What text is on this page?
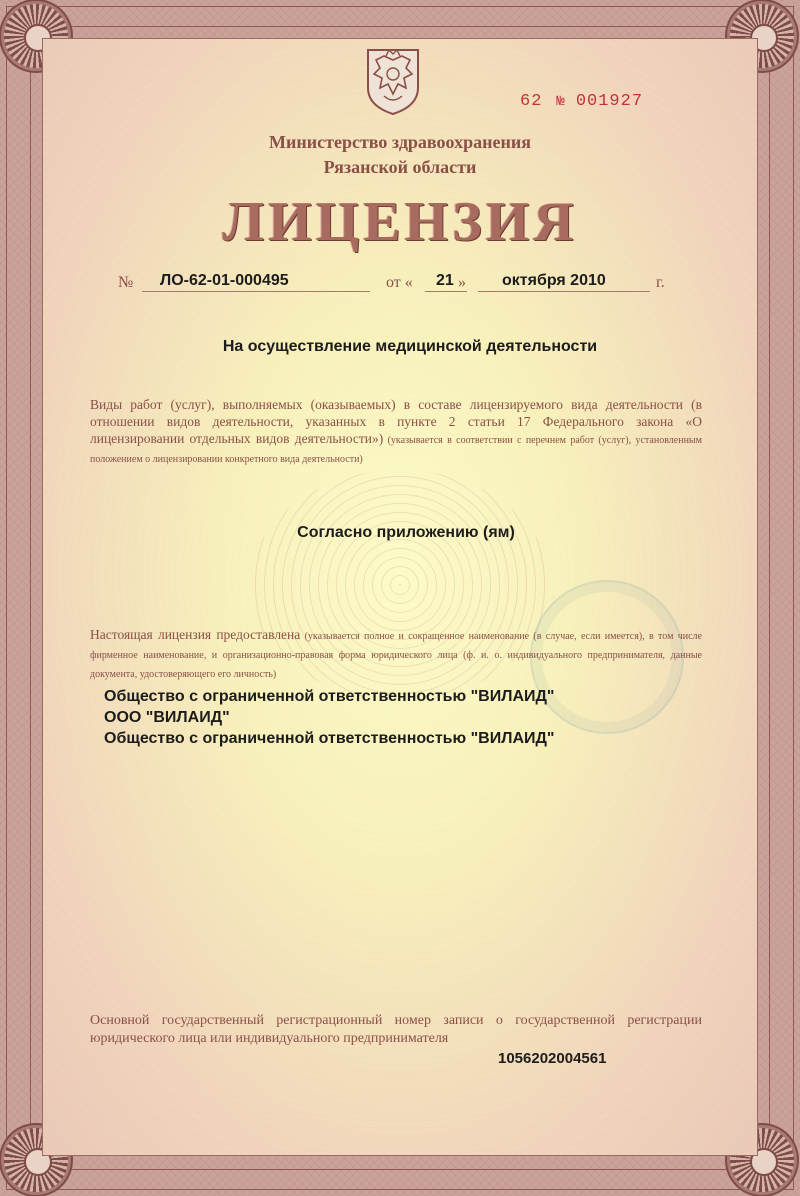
62 № 001927
Министерство здравоохранения
Рязанской области
ЛИЦЕНЗИЯ
№ ЛО-62-01-000495	от « 21 » октября 2010	г.
На осуществление медицинской деятельности
Виды работ (услуг), выполняемых (оказываемых) в составе лицензируемого вида деятельности (в отношении видов деятельности, указанных в пункте 2 статьи 17 Федерального закона «О лицензировании отдельных видов деятельности») (указывается в соответствии с перечнем работ (услуг), установленным положением о лицензировании конкретного вида деятельности)
Согласно приложению (ям)
Настоящая лицензия предоставлена (указывается полное и сокращенное наименование (в случае, если имеется), в том числе фирменное наименование, и организационно-правовая форма юридического лица (ф. и. о. индивидуального предпринимателя, данные документа, удостоверяющего его личность)
Общество с ограниченной ответственностью "ВИЛАИД"
ООО "ВИЛАИД"
Общество с ограниченной ответственностью "ВИЛАИД"
Основной государственный регистрационный номер записи о государственной регистрации юридического лица или индивидуального предпринимателя
1056202004561
